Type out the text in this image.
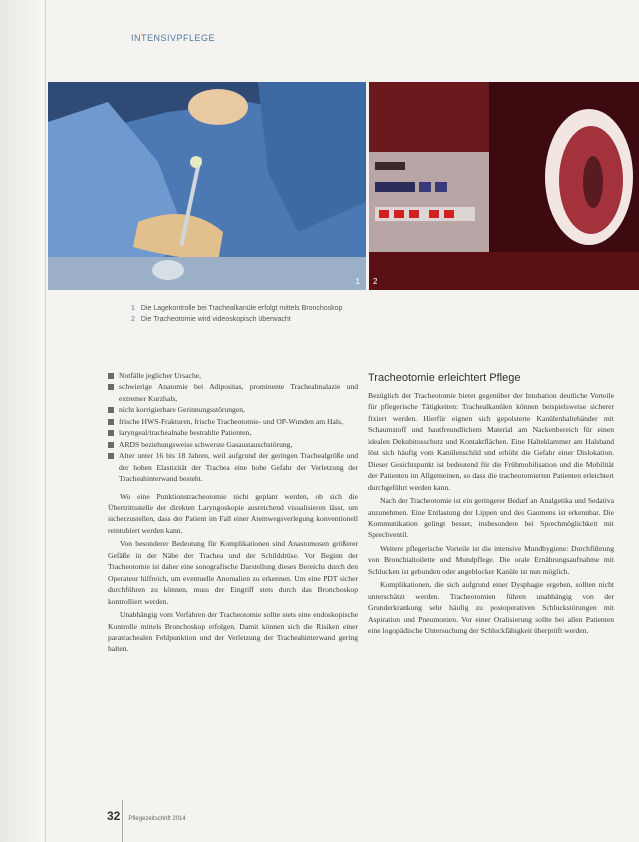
INTENSIVPFLEGE
1 2
1 Die Lagekontrolle bei Trachealkanüle erfolgt mittels Bronchoskop
2 Die Tracheotomie wird videoskopisch überwacht
Notfälle jeglicher Ursache,
schwierige Anatomie bei Adipositas, prominente Trachealmalazie und extremer Kurzhals,
nicht korrigierbare Gerinnungsstörungen,
frische HWS-Frakturen, frische Tracheotomie- und OP-Wunden am Hals,
laryngeal/trachealnahe bestrahlte Patienten,
ARDS beziehungsweise schwerste Gasaustauschstörung,
Alter unter 16 bis 18 Jahren, weil aufgrund der geringen Trachealgröße und der hohen Elastizität der Trachea eine hohe Gefahr der Verletzung der Tracheahinterwand besteht.

Wo eine Punktionstracheotomie nicht geplant werden, ob sich die Übertrittsstelle der direkten Laryngoskopie ausreichend visualisieren lässt, um sicherzustellen, dass der Patient im Fall einer Atemwegsverlegung konventionell reintubiert werden kann.

Von besonderer Bedeutung für Komplikationen sind Anastomosen größerer Gefäße in der Nähe der Trachea und der Schilddrüse. Vor Beginn der Tracheotomie ist daher eine sonografische Darstellung dieses Bereichs durch den Operateur hilfreich, um eventuelle Anomalien zu erkennen. Um eine PDT sicher durchführen zu können, muss der Eingriff stets durch das Bronchoskop kontrolliert werden.

Unabhängig vom Verfahren der Tracheotomie sollte stets eine endoskopische Kontrolle mittels Bronchoskop erfolgen. Damit können sich die Risiken einer paratrachealen Fehlpunktion und der Verletzung der Tracheahinterwand gering halten.

Tracheotomie erleichtert Pflege

Bezüglich der Tracheotomie bietet gegenüber der Intubation deutliche Vorteile für pflegerische Tätigkeiten: Trachealkanülen können beispielsweise sicherer fixiert werden. Hierfür eignen sich gepolsterte Kanülenhaltebänder mit Schaumstoff und hautfreundlichem Material am Nackenbereich für einen idealen Dekubitusschutz und Kontaktflächen. Eine Halteklammer am Halsband löst sich häufig vom Kanülenschild und erhöht die Gefahr einer Dislokation. Dieser Gesichtspunkt ist bedeutend für die Frühmobilisation und die Mobilität der Patienten im Allgemeinen, so dass die tracheotomierten Patienten erleichtert durchgeführt werden kann.

Nach der Tracheotomie ist ein geringerer Bedarf an Analgetika und Sedativa anzunehmen. Eine Entlastung der Lippen und des Gaumens ist erkennbar. Die Kommunikation gelingt besser, insbesondere bei Sprechmöglichkeit mit Sprechventil.

Weitere pflegerische Vorteile ist die intensive Mundhygiene: Durchführung von Bronchialtoilette und Mundpflege. Die orale Ernährungsaufnahme mit Schlucken ist gebunden oder angeblocker Kanüle ist nun möglich.

Komplikationen, die sich aufgrund einer Dysphagie ergeben, sollten nicht unterschätzt werden. Tracheotomien führen unabhängig von der Grunderkrankung sehr häufig zu postoperativen Schluckstörungen mit Aspiration und Pneumonien. Vor einer Oralisierung sollte bei allen Patienten eine logopädische Untersuchung der Schluckfähigkeit überprüft werden.

32 Pflegezeitschrift 2014
